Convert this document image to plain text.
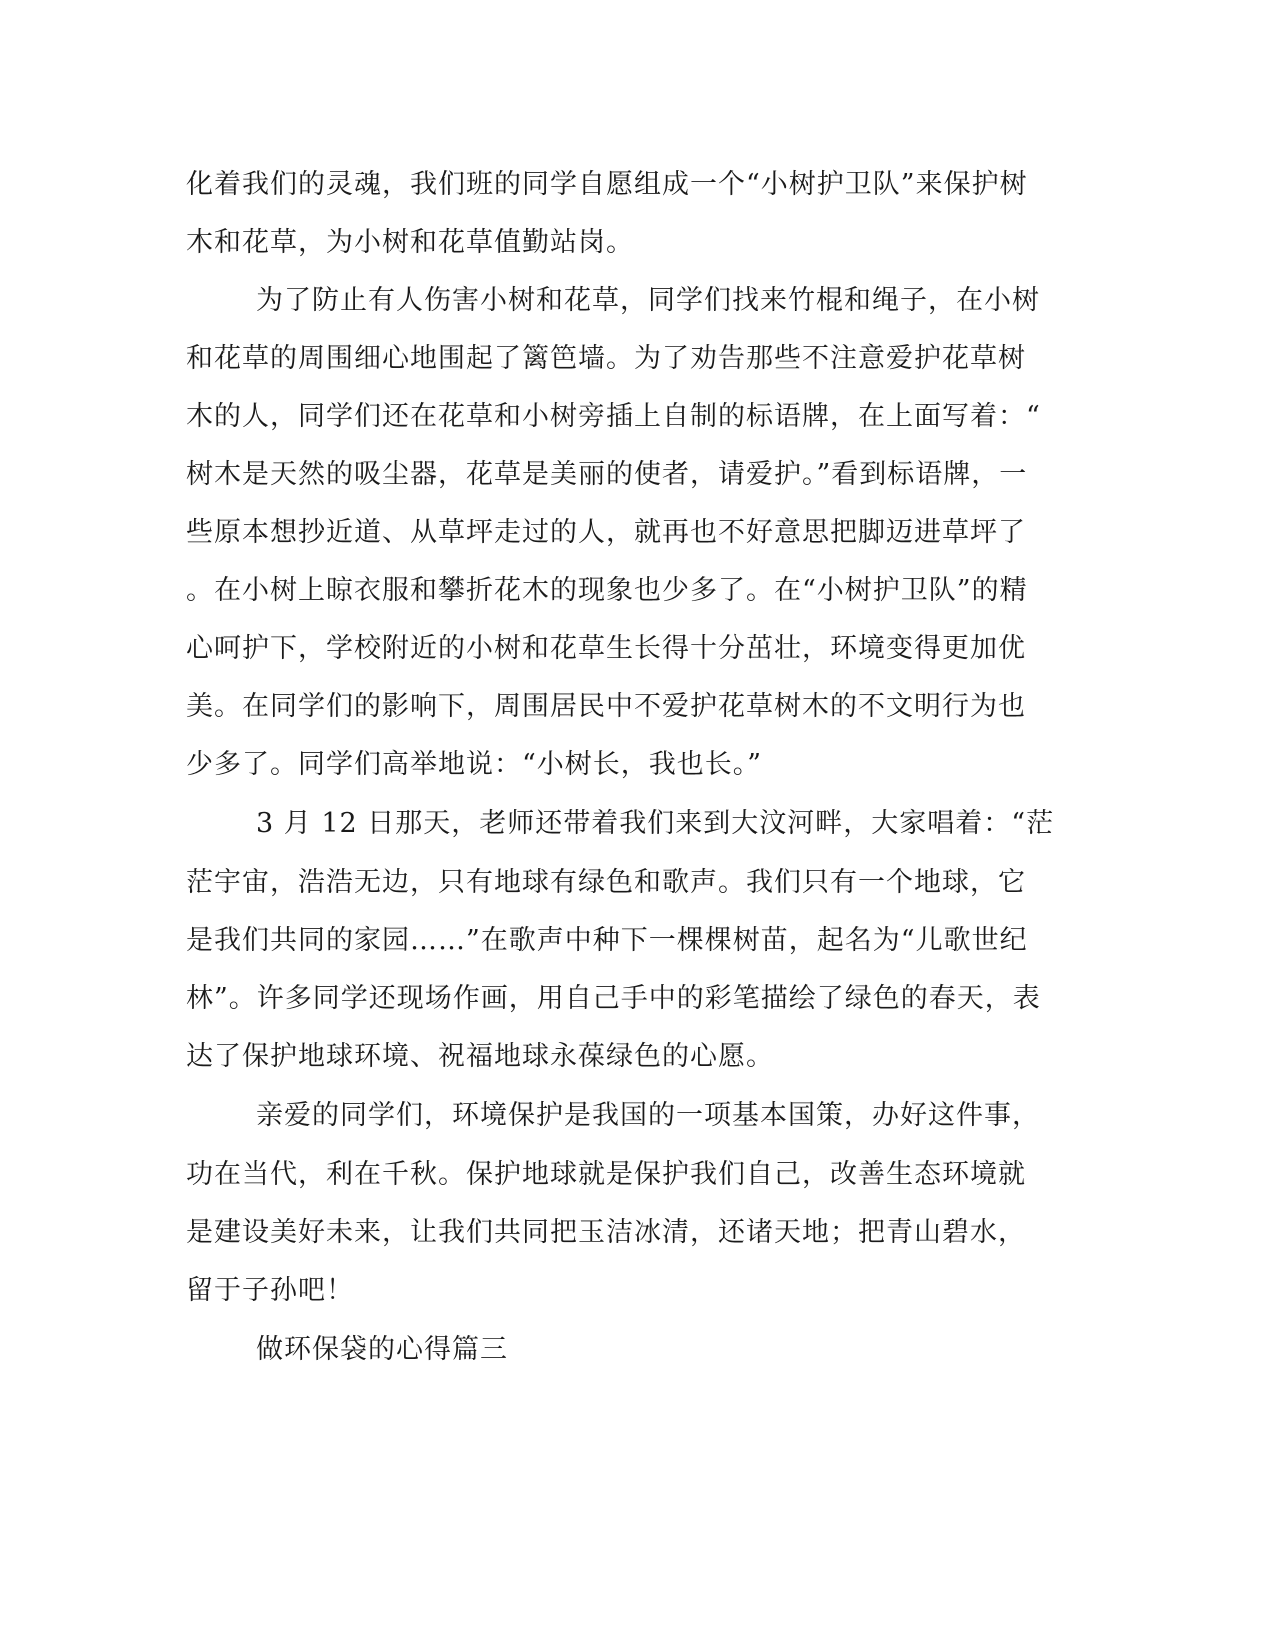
化着我们的灵魂，我们班的同学自愿组成一个“小树护卫队”来保护树
木和花草，为小树和花草值勤站岗。
为了防止有人伤害小树和花草，同学们找来竹棍和绳子，在小树
和花草的周围细心地围起了篱笆墙。为了劝告那些不注意爱护花草树
木的人，同学们还在花草和小树旁插上自制的标语牌，在上面写着：“
树木是天然的吸尘器，花草是美丽的使者，请爱护。”看到标语牌，一
些原本想抄近道、从草坪走过的人，就再也不好意思把脚迈进草坪了
。在小树上晾衣服和攀折花木的现象也少多了。在“小树护卫队”的精
心呵护下，学校附近的小树和花草生长得十分茁壮，环境变得更加优
美。在同学们的影响下，周围居民中不爱护花草树木的不文明行为也
少多了。同学们高举地说：“小树长，我也长。”
3 月 12 日那天，老师还带着我们来到大汶河畔，大家唱着：“茫
茫宇宙，浩浩无边，只有地球有绿色和歌声。我们只有一个地球，它
是我们共同的家园……”在歌声中种下一棵棵树苗，起名为“儿歌世纪
林”。许多同学还现场作画，用自己手中的彩笔描绘了绿色的春天，表
达了保护地球环境、祝福地球永葆绿色的心愿。
亲爱的同学们，环境保护是我国的一项基本国策，办好这件事，
功在当代，利在千秋。保护地球就是保护我们自己，改善生态环境就
是建设美好未来，让我们共同把玉洁冰清，还诸天地；把青山碧水，
留于子孙吧！
做环保袋的心得篇三
